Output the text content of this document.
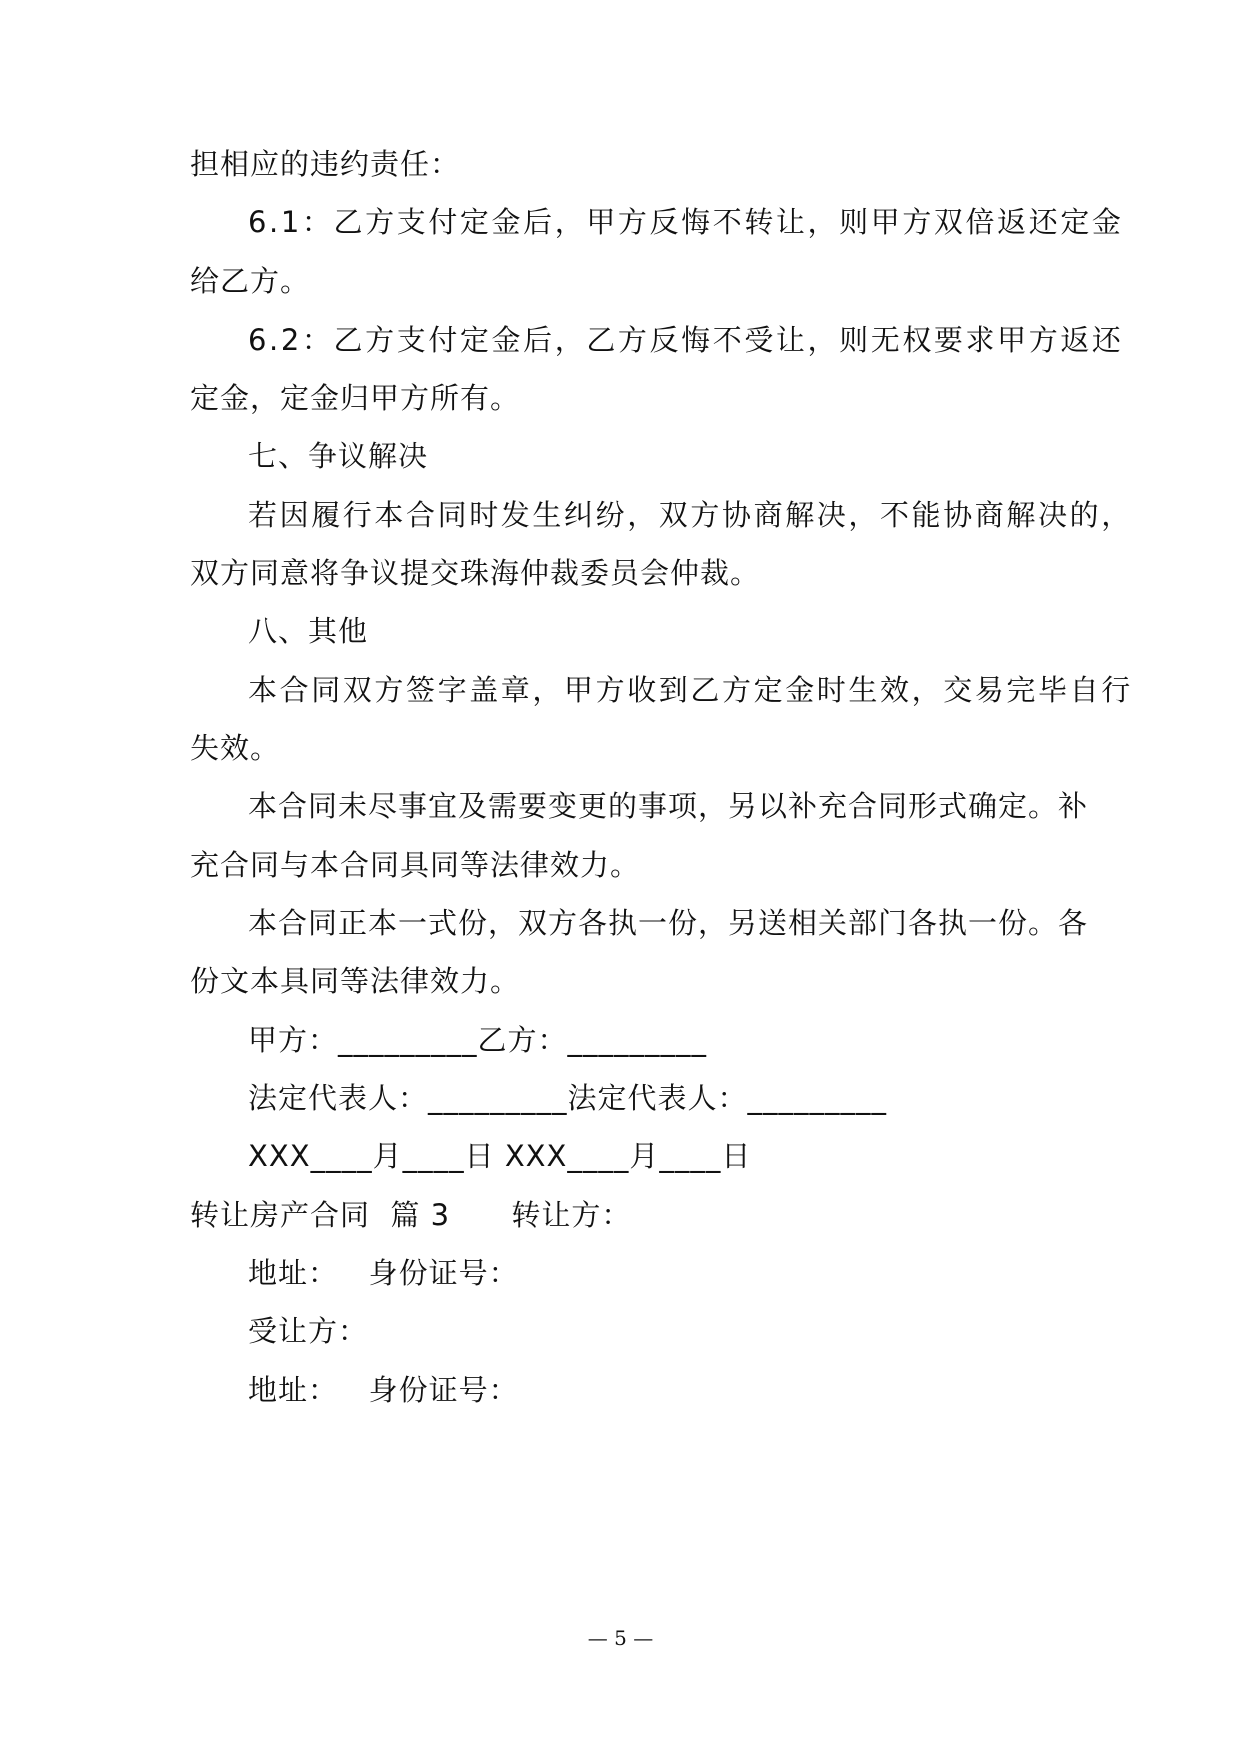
担相应的违约责任：
6.1：乙方支付定金后，甲方反悔不转让，则甲方双倍返还定金
给乙方。
6.2：乙方支付定金后，乙方反悔不受让，则无权要求甲方返还
定金，定金归甲方所有。
七、争议解决
若因履行本合同时发生纠纷，双方协商解决，不能协商解决的，
双方同意将争议提交珠海仲裁委员会仲裁。
八、其他
本合同双方签字盖章，甲方收到乙方定金时生效，交易完毕自行
失效。
本合同未尽事宜及需要变更的事项，另以补充合同形式确定。补
充合同与本合同具同等法律效力。
本合同正本一式份，双方各执一份，另送相关部门各执一份。各
份文本具同等法律效力。
甲方：_________乙方：_________
法定代表人：_________法定代表人：_________
XXX____月____日 XXX____月____日
转让房产合同  篇 3      转让方：
地址：   身份证号：
受让方：
地址：   身份证号：
— 5 —
